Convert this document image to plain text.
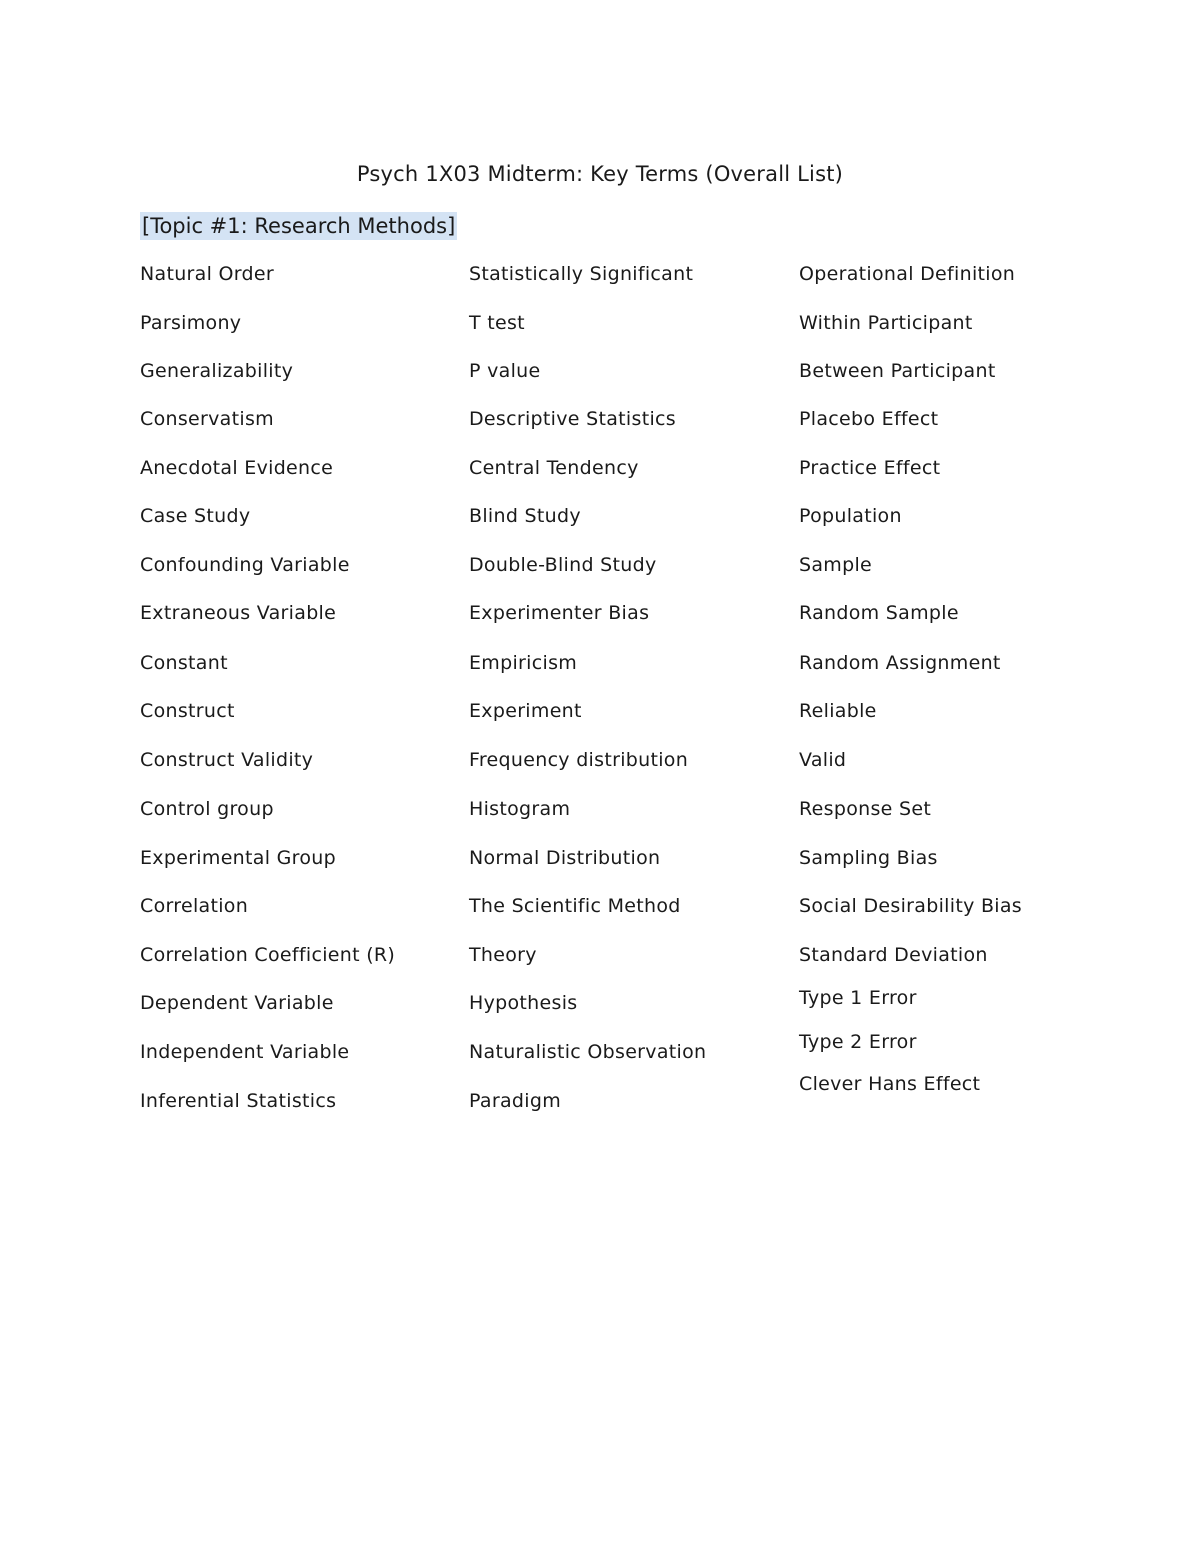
Psych 1X03 Midterm: Key Terms (Overall List)
[Topic #1: Research Methods]
Natural Order
Parsimony
Generalizability
Conservatism
Anecdotal Evidence
Case Study
Confounding Variable
Extraneous Variable
Constant
Construct
Construct Validity
Control group
Experimental Group
Correlation
Correlation Coefficient (R)
Dependent Variable
Independent Variable
Inferential Statistics
Statistically Significant
T test
P value
Descriptive Statistics
Central Tendency
Blind Study
Double-Blind Study
Experimenter Bias
Empiricism
Experiment
Frequency distribution
Histogram
Normal Distribution
The Scientific Method
Theory
Hypothesis
Naturalistic Observation
Paradigm
Operational Definition
Within Participant
Between Participant
Placebo Effect
Practice Effect
Population
Sample
Random Sample
Random Assignment
Reliable
Valid
Response Set
Sampling Bias
Social Desirability Bias
Standard Deviation
Type 1 Error
Type 2 Error
Clever Hans Effect
